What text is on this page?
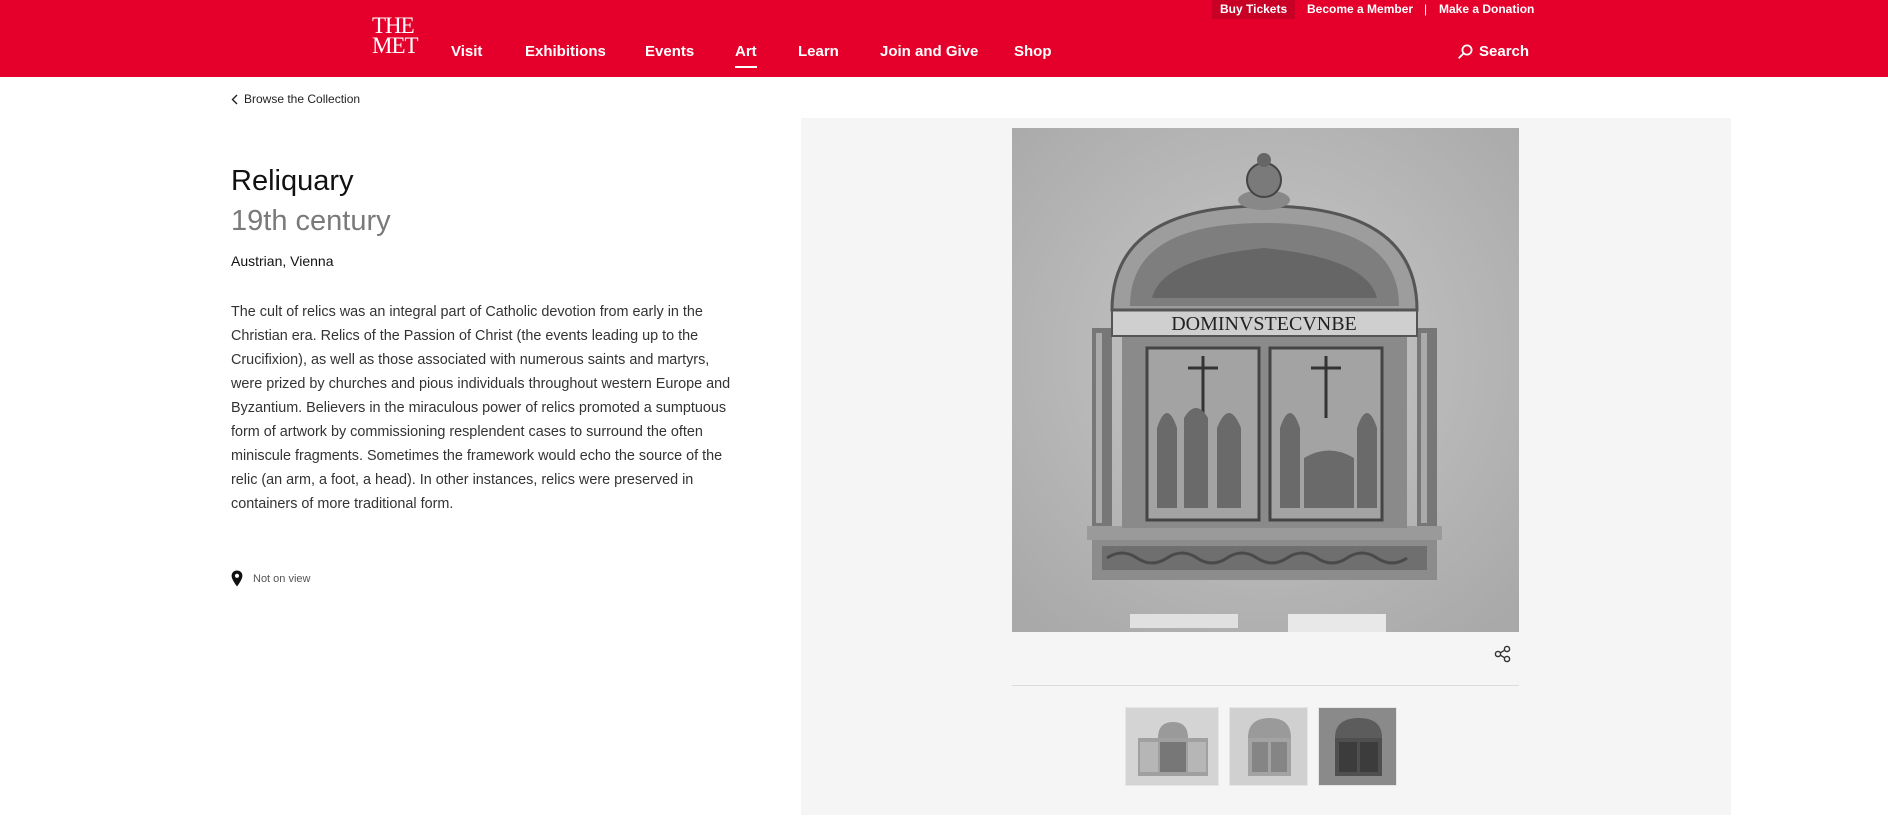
THE
MET
Buy Tickets	Become a Member | Make a Donation
Visit	Exhibitions	Events	Art	Learn	Join and Give Shop	Search
Browse the Collection
Reliquary
19th century
Austrian, Vienna

The cult of relics was an integral part of Catholic devotion from early in the Christian era. Relics of the Passion of Christ (the events leading up to the Crucifixion), as well as those associated with numerous saints and martyrs, were prized by churches and pious individuals throughout western Europe and Byzantium. Believers in the miraculous power of relics promoted a sumptuous form of artwork by commissioning resplendent cases to surround the often miniscule fragments. Sometimes the framework would echo the source of the relic (an arm, a foot, a head). In other instances, relics were preserved in containers of more traditional form.

Not on view
DOMINVSTECVNBE
